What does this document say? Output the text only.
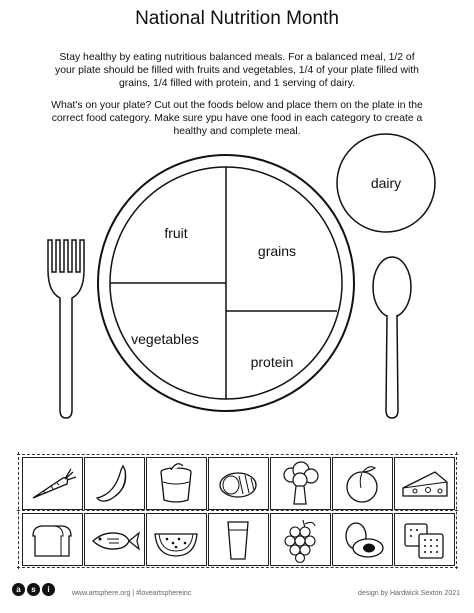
National Nutrition Month
Stay healthy by eating nutritious balanced meals. For a balanced meal, 1/2 of your plate should be filled with fruits and vegetables, 1/4 of your plate filled with grains, 1/4 filled with protein, and 1 serving of dairy.
What's on your plate? Cut out the foods below and place them on the plate in the correct food category. Make sure ypu have one food in each category to create a healthy and complete meal.
dairy
fruit
grains
vegetables
protein
a	s	i	www.artsphere.org | #loveartsphereinc	design by Hardwick Sexton 2021
